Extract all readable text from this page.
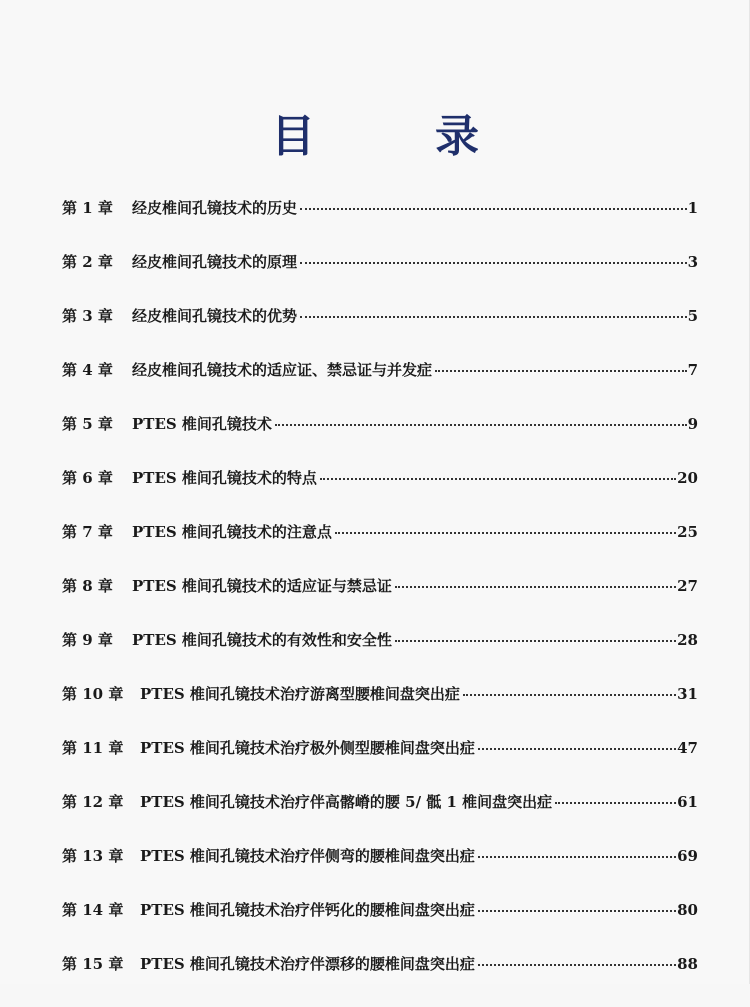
目　录
第 1 章	经皮椎间孔镜技术的历史	1
第 2 章	经皮椎间孔镜技术的原理	3
第 3 章	经皮椎间孔镜技术的优势	5
第 4 章	经皮椎间孔镜技术的适应证、禁忌证与并发症	7
第 5 章	PTES 椎间孔镜技术	9
第 6 章	PTES 椎间孔镜技术的特点	20
第 7 章	PTES 椎间孔镜技术的注意点	25
第 8 章	PTES 椎间孔镜技术的适应证与禁忌证	27
第 9 章	PTES 椎间孔镜技术的有效性和安全性	28
第 10 章	PTES 椎间孔镜技术治疗游离型腰椎间盘突出症	31
第 11 章	PTES 椎间孔镜技术治疗极外侧型腰椎间盘突出症	47
第 12 章	PTES 椎间孔镜技术治疗伴高髂嵴的腰 5/ 骶 1 椎间盘突出症	61
第 13 章	PTES 椎间孔镜技术治疗伴侧弯的腰椎间盘突出症	69
第 14 章	PTES 椎间孔镜技术治疗伴钙化的腰椎间盘突出症	80
第 15 章	PTES 椎间孔镜技术治疗伴漂移的腰椎间盘突出症	88
